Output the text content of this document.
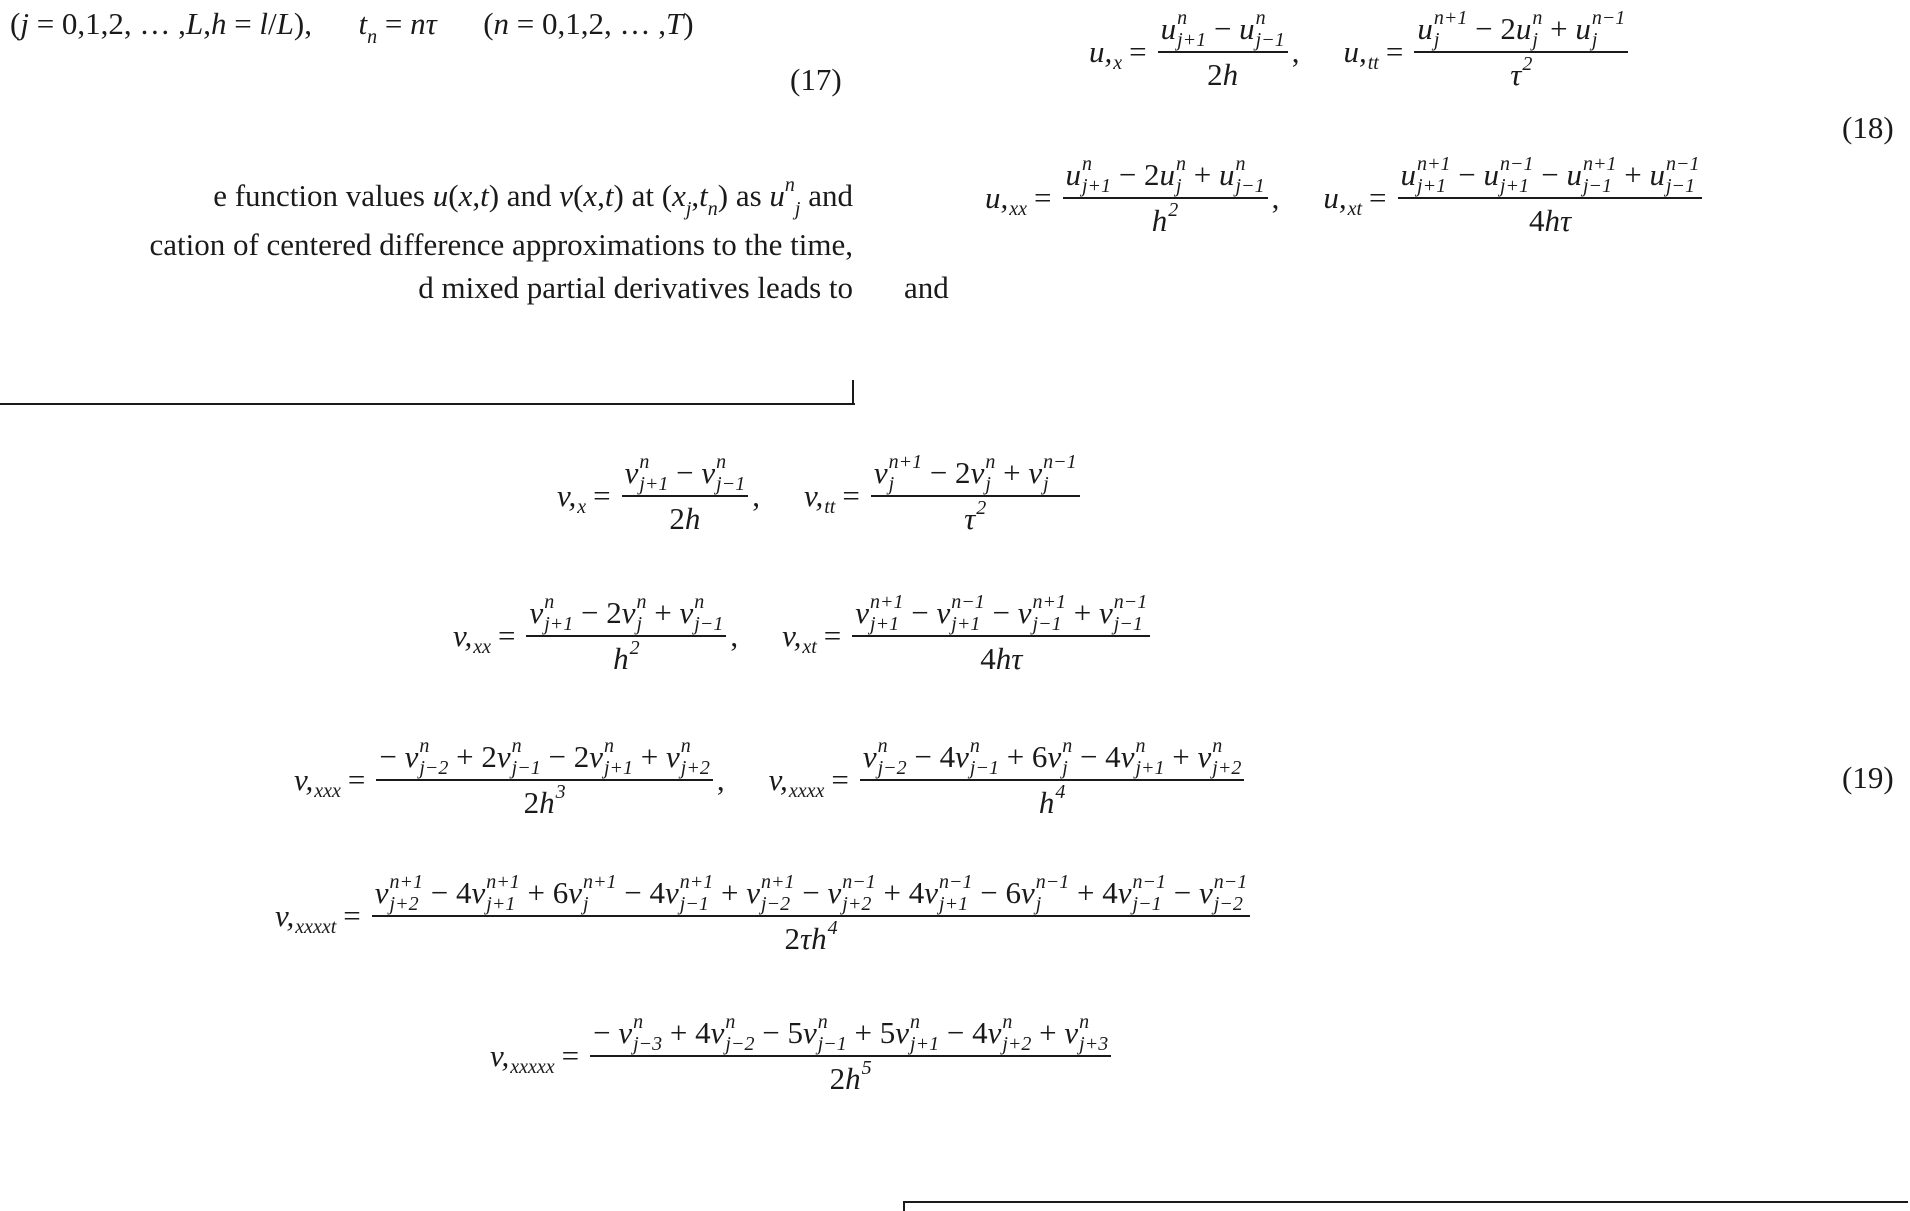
(j = 0,1,2, … ,L,h = l/L),      $t_n = n\tau$      (n = 0,1,2, … ,T)
(17)
e function values u(x,t) and v(x,t) at $(x_j,t_n)$ as $u^n_j$ and
cation of centered difference approximations to the time,
d mixed partial derivatives leads to and
u, x = u n
j+1 − u n
j−1
2 h , u, tt = u n+1
j − 2 u n
j + u n−1
j
τ 2
u, xx = u n
j+1 − 2 u n
j + u n
j−1
h 2 , u, xt = u n+1
j+1 − u n−1
j+1 − u n+1
j−1 + u n−1
j−1
4 hτ
(18)
v, x = v n
j+1 − v n
j−1
2 h , v, tt = v n+1
j − 2 v n
j + v n−1
j
τ 2
v, xx = v n
j+1 − 2 v n
j + v n
j−1
h 2 , v, xt = v n+1
j+1 − v n−1
j+1 − v n+1
j−1 + v n−1
j−1
4 hτ
v, xxx = − v n
j−2 + 2 v n
j−1 − 2 v n
j+1 + v n
j+2
2 h 3 , v, xxxx = v n
j−2 − 4 v n
j−1 + 6 v n
j − 4 v n
j+1 + v n
j+2
h 4
v, xxxxt =
v n+1
j+2 − 4 v n+1
j+1 + 6 v n+1
j − 4 v n+1
j−1 + v n+1
j−2 − v n−1
j+2 + 4 v n−1
j+1 − 6 v n−1
j + 4 v n−1
j−1 − v n−1
j−2
2 τh 4
v, xxxxx = − v n
j−3 + 4 v n
j−2 − 5 v n
j−1 + 5 v n
j+1 − 4 v n
j+2 + v n
j+3
2 h 5
(19)
